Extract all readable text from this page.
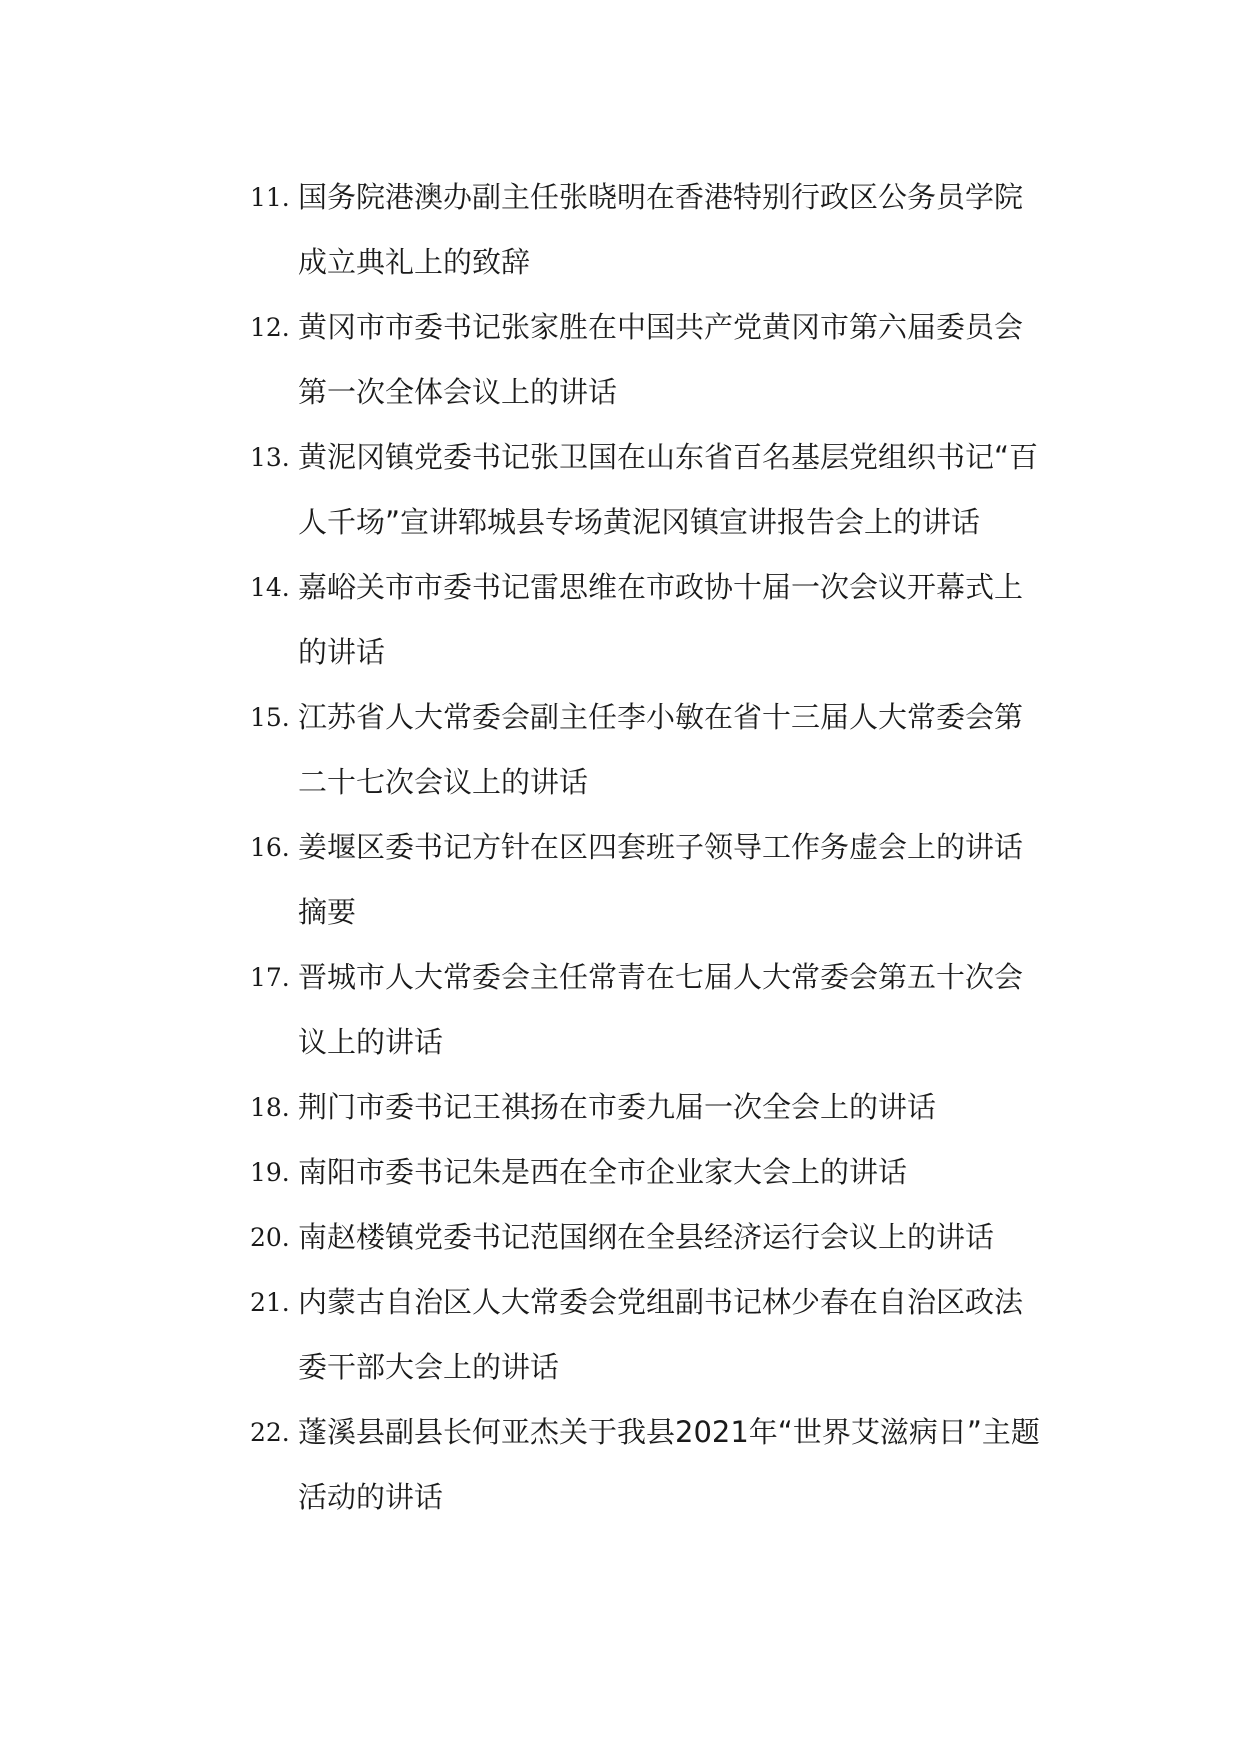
11. 国务院港澳办副主任张晓明在香港特别行政区公务员学院成立典礼上的致辞
12. 黄冈市市委书记张家胜在中国共产党黄冈市第六届委员会第一次全体会议上的讲话
13. 黄泥冈镇党委书记张卫国在山东省百名基层党组织书记“百人千场”宣讲郓城县专场黄泥冈镇宣讲报告会上的讲话
14. 嘉峪关市市委书记雷思维在市政协十届一次会议开幕式上的讲话
15. 江苏省人大常委会副主任李小敏在省十三届人大常委会第二十七次会议上的讲话
16. 姜堰区委书记方针在区四套班子领导工作务虚会上的讲话摘要
17. 晋城市人大常委会主任常青在七届人大常委会第五十次会议上的讲话
18. 荆门市委书记王祺扬在市委九届一次全会上的讲话
19. 南阳市委书记朱是西在全市企业家大会上的讲话
20. 南赵楼镇党委书记范国纲在全县经济运行会议上的讲话
21. 内蒙古自治区人大常委会党组副书记林少春在自治区政法委干部大会上的讲话
22. 蓬溪县副县长何亚杰关于我县2021年“世界艾滋病日”主题活动的讲话
